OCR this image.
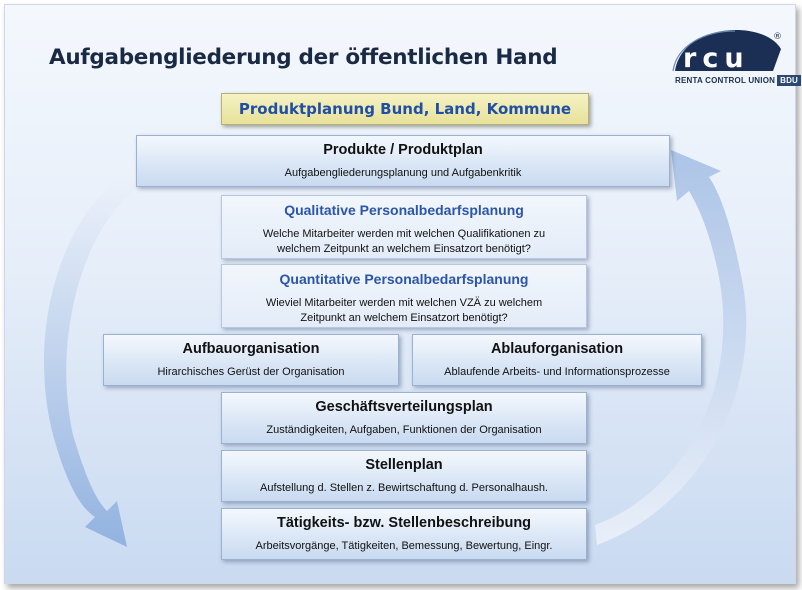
Aufgabengliederung der öffentlichen Hand	rcu
®
RENTA CONTROL UNION BDU
Produktplanung Bund, Land, Kommune
Produkte / Produktplan
Aufgabengliederungsplanung und Aufgabenkritik
Qualitative Personalbedarfsplanung
Welche Mitarbeiter werden mit welchen Qualifikationen zu
welchem Zeitpunkt an welchem Einsatzort benötigt?
Quantitative Personalbedarfsplanung
Wieviel Mitarbeiter werden mit welchen VZÄ zu welchem
Zeitpunkt an welchem Einsatzort benötigt?
Aufbauorganisation
Hirarchisches Gerüst der Organisation
Ablauforganisation
Ablaufende Arbeits- und Informationsprozesse
Geschäftsverteilungsplan
Zuständigkeiten, Aufgaben, Funktionen der Organisation
Stellenplan
Aufstellung d. Stellen z. Bewirtschaftung d. Personalhaush.
Tätigkeits- bzw. Stellenbeschreibung
Arbeitsvorgänge, Tätigkeiten, Bemessung, Bewertung, Eingr.
